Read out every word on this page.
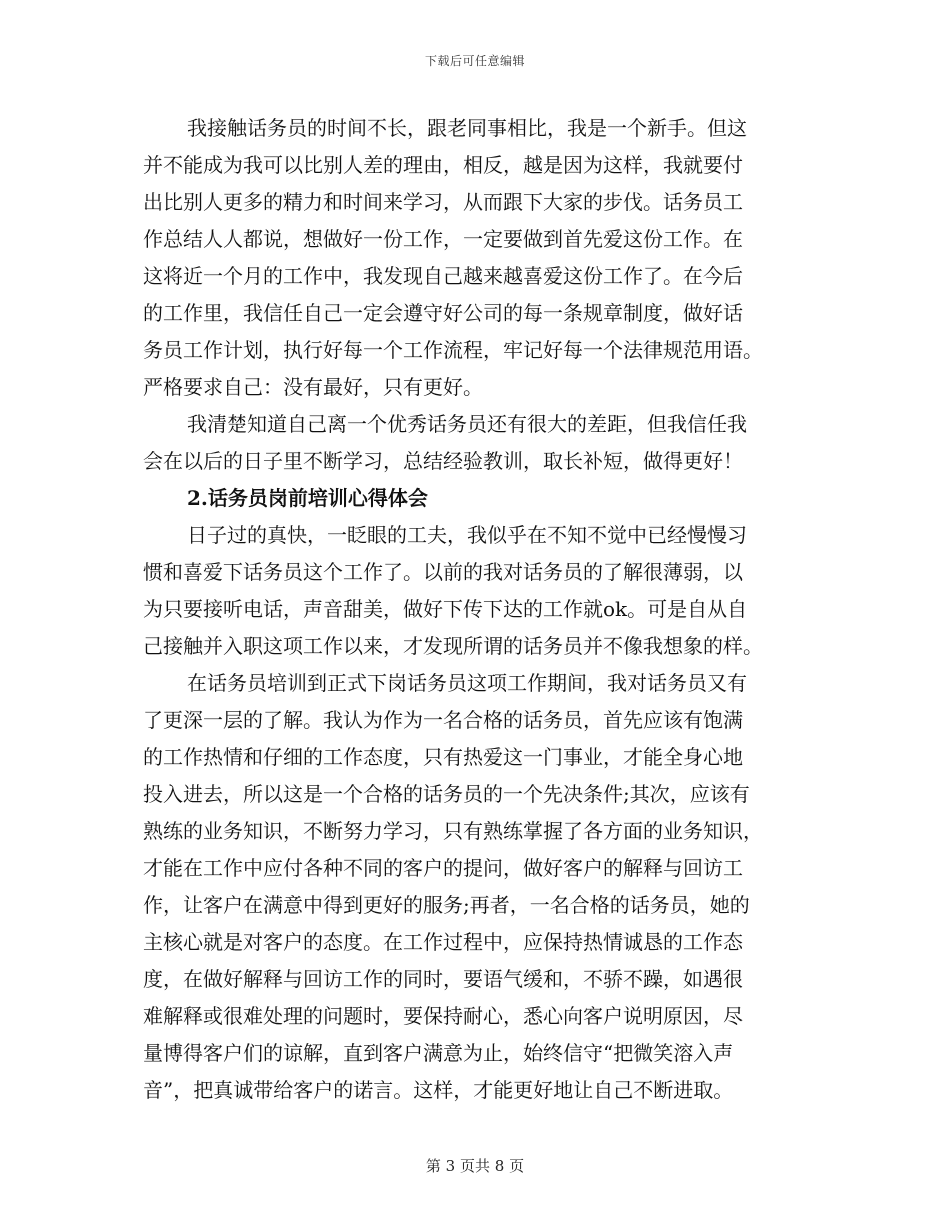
下载后可任意编辑
我接触话务员的时间不长，跟老同事相比，我是一个新手。但这
并不能成为我可以比别人差的理由，相反，越是因为这样，我就要付
出比别人更多的精力和时间来学习，从而跟下大家的步伐。话务员工
作总结人人都说，想做好一份工作，一定要做到首先爱这份工作。在
这将近一个月的工作中，我发现自己越来越喜爱这份工作了。在今后
的工作里，我信任自己一定会遵守好公司的每一条规章制度，做好话
务员工作计划，执行好每一个工作流程，牢记好每一个法律规范用语。
严格要求自己：没有最好，只有更好。
我清楚知道自己离一个优秀话务员还有很大的差距，但我信任我
会在以后的日子里不断学习，总结经验教训，取长补短，做得更好！
2.话务员岗前培训心得体会
日子过的真快，一眨眼的工夫，我似乎在不知不觉中已经慢慢习
惯和喜爱下话务员这个工作了。以前的我对话务员的了解很薄弱，以
为只要接听电话，声音甜美，做好下传下达的工作就ok。可是自从自
己接触并入职这项工作以来，才发现所谓的话务员并不像我想象的样。
在话务员培训到正式下岗话务员这项工作期间，我对话务员又有
了更深一层的了解。我认为作为一名合格的话务员，首先应该有饱满
的工作热情和仔细的工作态度，只有热爱这一门事业，才能全身心地
投入进去，所以这是一个合格的话务员的一个先决条件;其次，应该有
熟练的业务知识，不断努力学习，只有熟练掌握了各方面的业务知识，
才能在工作中应付各种不同的客户的提问，做好客户的解释与回访工
作，让客户在满意中得到更好的服务;再者，一名合格的话务员，她的
主核心就是对客户的态度。在工作过程中，应保持热情诚恳的工作态
度，在做好解释与回访工作的同时，要语气缓和，不骄不躁，如遇很
难解释或很难处理的问题时，要保持耐心，悉心向客户说明原因，尽
量博得客户们的谅解，直到客户满意为止，始终信守“把微笑溶入声
音”，把真诚带给客户的诺言。这样，才能更好地让自己不断进取。
第 3 页共 8 页
